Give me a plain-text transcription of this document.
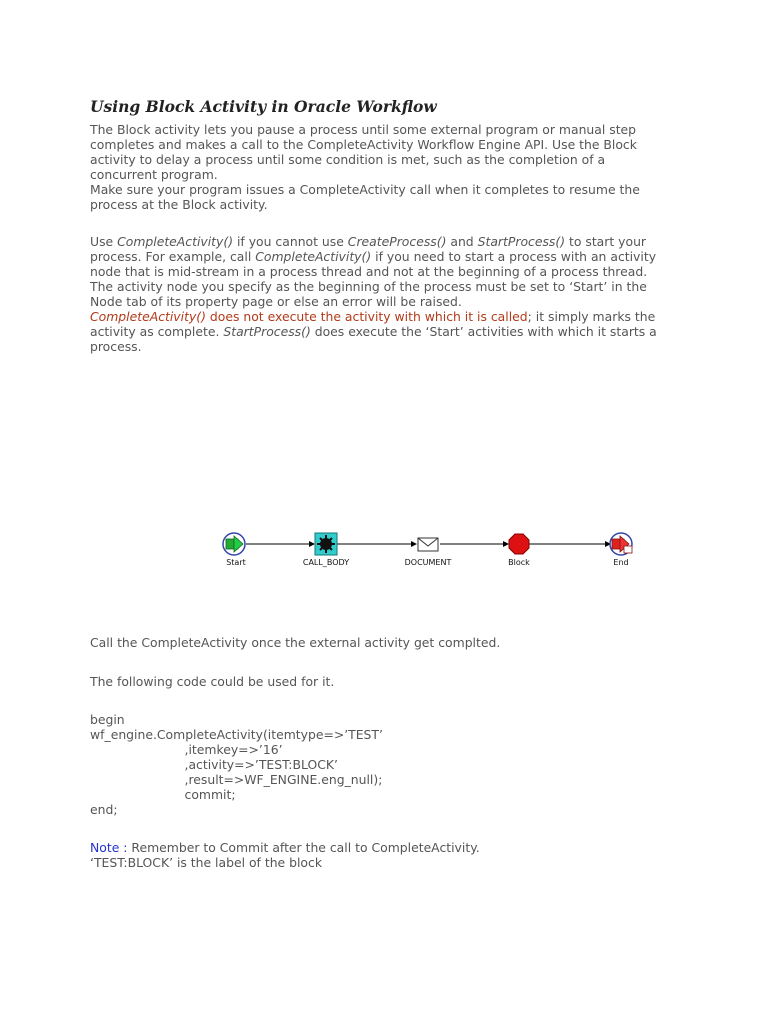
Using Block Activity in Oracle Workflow
The Block activity lets you pause a process until some external program or manual step
completes and makes a call to the CompleteActivity Workflow Engine API. Use the Block
activity to delay a process until some condition is met, such as the completion of a
concurrent program.
Make sure your program issues a CompleteActivity call when it completes to resume the
process at the Block activity.
Use CompleteActivity() if you cannot use CreateProcess() and StartProcess() to start your
process. For example, call CompleteActivity() if you need to start a process with an activity
node that is mid-stream in a process thread and not at the beginning of a process thread.
The activity node you specify as the beginning of the process must be set to ‘Start’ in the
Node tab of its property page or else an error will be raised.
CompleteActivity() does not execute the activity with which it is called; it simply marks the
activity as complete. StartProcess() does execute the ‘Start’ activities with which it starts a
process.
Start	CALL_BODY	DOCUMENT	Block	End

Call the CompleteActivity once the external activity get complted.

The following code could be used for it.

begin
wf_engine.CompleteActivity(itemtype=>’TEST’
,itemkey=>’16’
,activity=>’TEST:BLOCK’
,result=>WF_ENGINE.eng_null);
commit;
end;
Note : Remember to Commit after the call to CompleteActivity.
‘TEST:BLOCK’ is the label of the block
